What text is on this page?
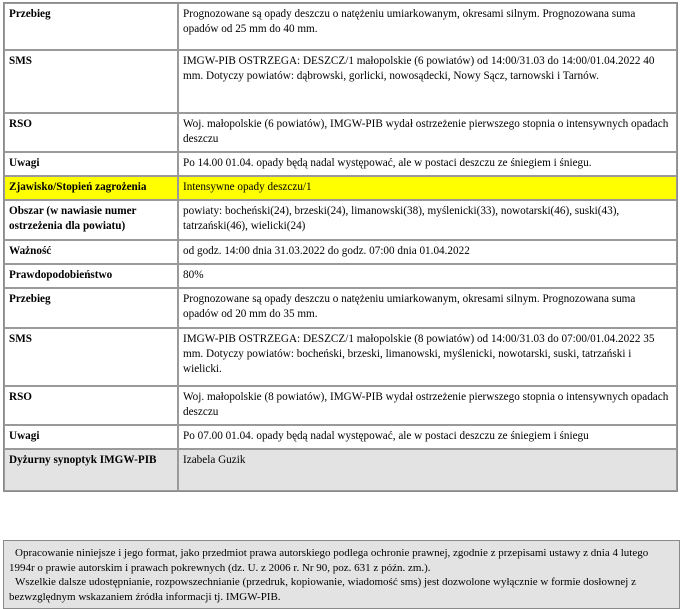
Przebieg	Prognozowane są opady deszczu o natężeniu umiarkowanym, okresami silnym. Prognozowana suma opadów od 25 mm do 40 mm.
SMS	IMGW-PIB OSTRZEGA: DESZCZ/1 małopolskie (6 powiatów) od 14:00/31.03 do 14:00/01.04.2022 40 mm. Dotyczy powiatów: dąbrowski, gorlicki, nowosądecki, Nowy Sącz, tarnowski i Tarnów.
RSO	Woj. małopolskie (6 powiatów), IMGW-PIB wydał ostrzeżenie pierwszego stopnia o intensywnych opadach deszczu
Uwagi	Po 14.00 01.04. opady będą nadal występować, ale w postaci deszczu ze śniegiem i śniegu.
Zjawisko/Stopień zagrożenia	Intensywne opady deszczu/1
Obszar (w nawiasie numer ostrzeżenia dla powiatu)	powiaty: bocheński(24), brzeski(24), limanowski(38), myślenicki(33), nowotarski(46), suski(43), tatrzański(46), wielicki(24)
Ważność	od godz. 14:00 dnia 31.03.2022 do godz. 07:00 dnia 01.04.2022
Prawdopodobieństwo	80%
Przebieg	Prognozowane są opady deszczu o natężeniu umiarkowanym, okresami silnym. Prognozowana suma opadów od 20 mm do 35 mm.
SMS	IMGW-PIB OSTRZEGA: DESZCZ/1 małopolskie (8 powiatów) od 14:00/31.03 do 07:00/01.04.2022 35 mm. Dotyczy powiatów: bocheński, brzeski, limanowski, myślenicki, nowotarski, suski, tatrzański i wielicki.
RSO	Woj. małopolskie (8 powiatów), IMGW-PIB wydał ostrzeżenie pierwszego stopnia o intensywnych opadach deszczu
Uwagi	Po 07.00 01.04. opady będą nadal występować, ale w postaci deszczu ze śniegiem i śniegu
Dyżurny synoptyk IMGW-PIB	Izabela Guzik

Opracowanie niniejsze i jego format, jako przedmiot prawa autorskiego podlega ochronie prawnej, zgodnie z przepisami ustawy z dnia 4 lutego 1994r o prawie autorskim i prawach pokrewnych (dz. U. z 2006 r. Nr 90, poz. 631 z późn. zm.).

Wszelkie dalsze udostępnianie, rozpowszechnianie (przedruk, kopiowanie, wiadomość sms) jest dozwolone wyłącznie w formie dosłownej z bezwzględnym wskazaniem źródła informacji tj. IMGW-PIB.
